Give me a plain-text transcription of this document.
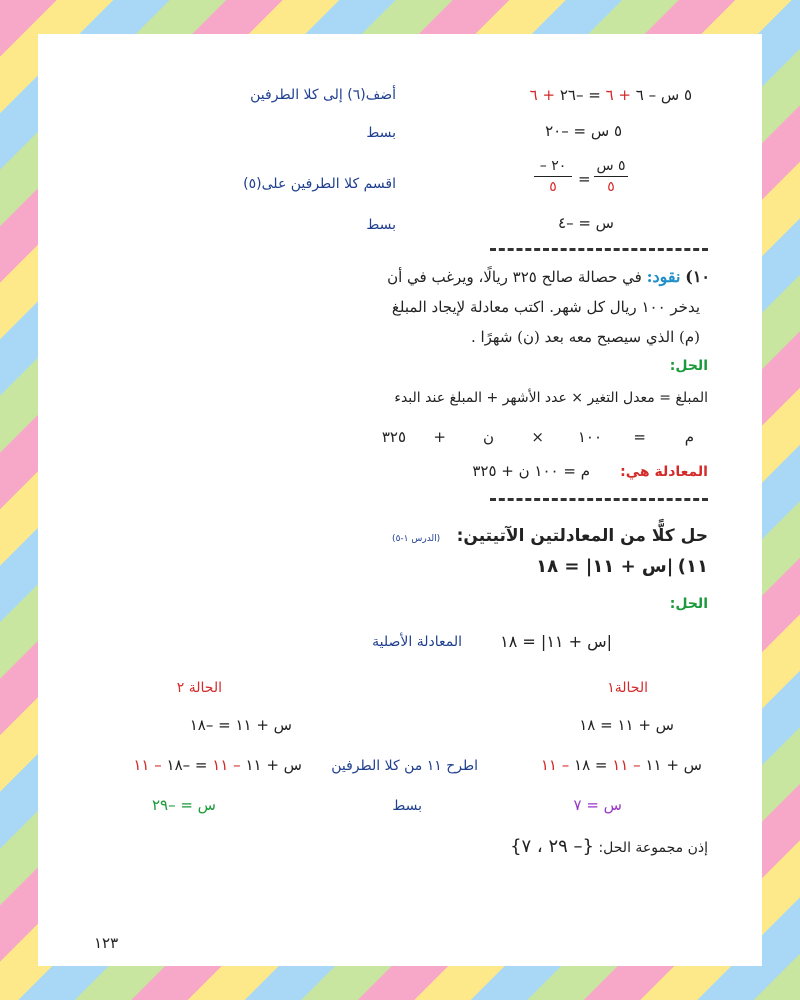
٥ س – ٦ + ٦ = –٢٦ + ٦
أضف(٦) إلى كلا الطرفين
٥ س = –٢٠
بسط
٥ س
٥
=
– ٢٠
٥
اقسم كلا الطرفين على(٥)
س = –٤
بسط
١٠) نقود: في حصالة صالح ٣٢٥ ريالًا، ويرغب في أن
يدخر ١٠٠ ريال كل شهر. اكتب معادلة لإيجاد المبلغ
(م) الذي سيصبح معه بعد (ن) شهرًا .
الحل:
المبلغ = معدل التغير × عدد الأشهر + المبلغ عند البدء
م
=
١٠٠
×
ن
+
٣٢٥
المعادلة هي:
م = ١٠٠ ن + ٣٢٥
حل كلًّا من المعادلتين الآتيتين: (الدرس ١-٥)
١١) |س + ١١| = ١٨
الحل:
|س + ١١| = ١٨
المعادلة الأصلية
الحالة١
الحالة ٢
س + ١١ = ١٨
س + ١١ = –١٨
س + ١١ – ١١ = ١٨ – ١١
اطرح ١١ من كلا الطرفين
س + ١١ – ١١ = –١٨ – ١١
س = ٧
بسط
س = –٢٩
إذن مجموعة الحل: {– ٢٩ ، ٧}
١٢٣
